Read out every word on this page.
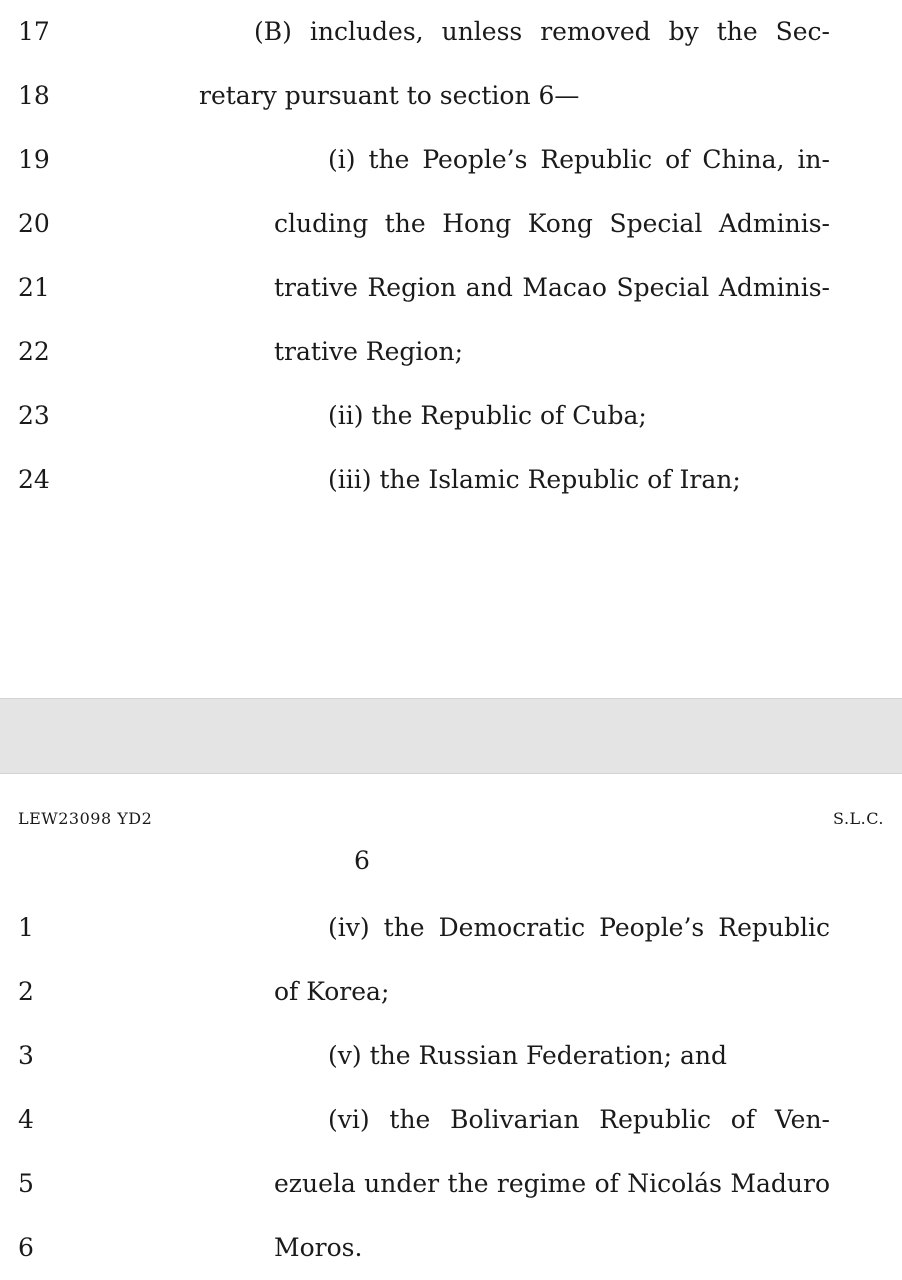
17	(B) includes, unless removed by the Sec-
18	retary pursuant to section 6—
19	(i) the People’s Republic of China, in-
20	cluding the Hong Kong Special Adminis-
21	trative Region and Macao Special Adminis-
22	trative Region;
23	(ii) the Republic of Cuba;
24	(iii) the Islamic Republic of Iran;
LEW23098 YD2	S.L.C.
6
1	(iv) the Democratic People’s Republic
2	of Korea;
3	(v) the Russian Federation; and
4	(vi) the Bolivarian Republic of Ven-
5	ezuela under the regime of Nicolás Maduro
6	Moros.
